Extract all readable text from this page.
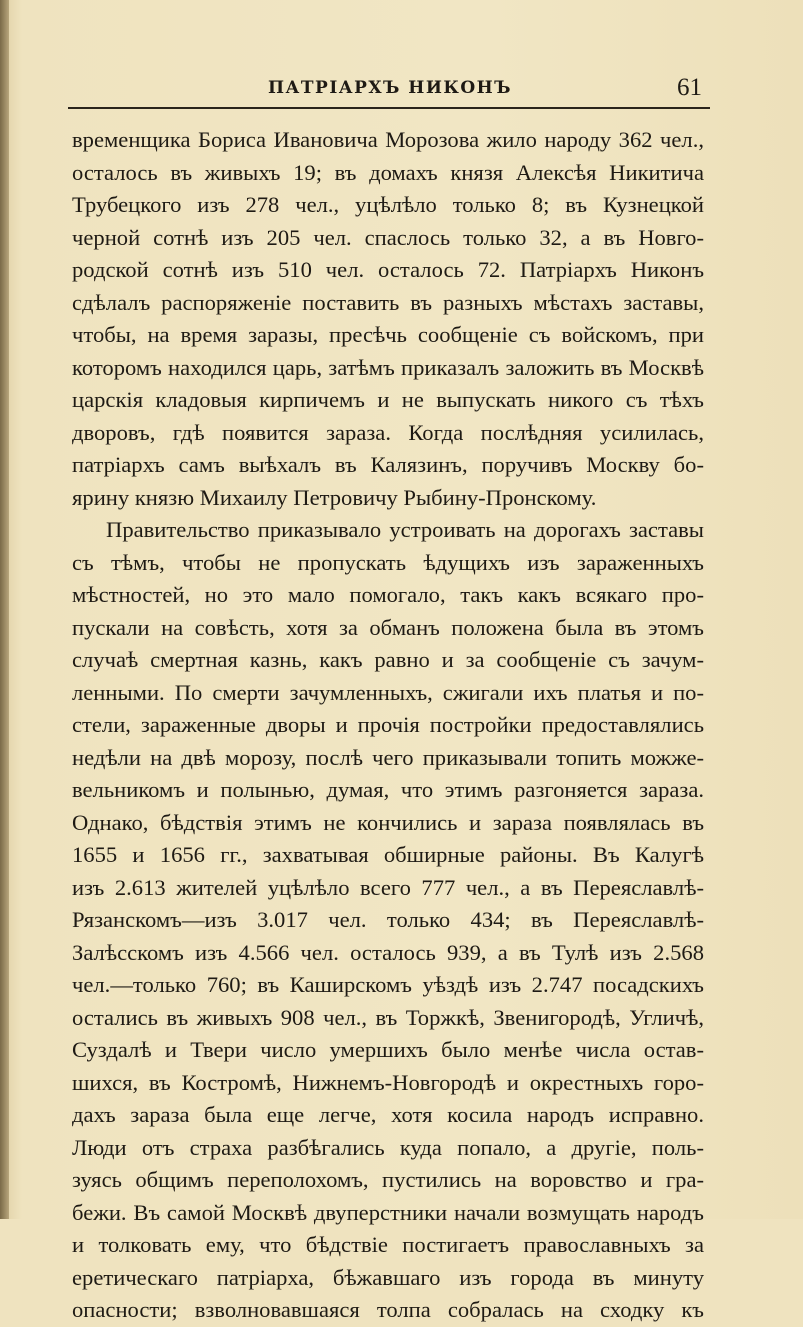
ПАТРІАРХЪ НИКОНЪ	61
временщика Бориса Ивановича Морозова жило народу 362 чел.,
осталось въ живыхъ 19; въ домахъ князя Алексѣя Никитича
Трубецкого изъ 278 чел., уцѣлѣло только 8; въ Кузнецкой
черной сотнѣ изъ 205 чел. спаслось только 32, а въ Новго-
родской сотнѣ изъ 510 чел. осталось 72. Патріархъ Никонъ
сдѣлалъ распоряженіе поставить въ разныхъ мѣстахъ заставы,
чтобы, на время заразы, пресѣчь сообщеніе съ войскомъ, при
которомъ находился царь, затѣмъ приказалъ заложить въ Москвѣ
царскія кладовыя кирпичемъ и не выпускать никого съ тѣхъ
дворовъ, гдѣ появится зараза. Когда послѣдняя усилилась,
патріархъ самъ выѣхалъ въ Калязинъ, поручивъ Москву бо-
ярину князю Михаилу Петровичу Рыбину-Пронскому.
Правительство приказывало устроивать на дорогахъ заставы
съ тѣмъ, чтобы не пропускать ѣдущихъ изъ зараженныхъ
мѣстностей, но это мало помогало, такъ какъ всякаго про-
пускали на совѣсть, хотя за обманъ положена была въ этомъ
случаѣ смертная казнь, какъ равно и за сообщеніе съ зачум-
ленными. По смерти зачумленныхъ, сжигали ихъ платья и по-
стели, зараженные дворы и прочія постройки предоставлялись
недѣли на двѣ морозу, послѣ чего приказывали топить можже-
вельникомъ и полынью, думая, что этимъ разгоняется зараза.
Однако, бѣдствія этимъ не кончились и зараза появлялась въ
1655 и 1656 гг., захватывая обширные районы. Въ Калугѣ
изъ 2.613 жителей уцѣлѣло всего 777 чел., а въ Переяславлѣ-
Рязанскомъ—изъ 3.017 чел. только 434; въ Переяславлѣ-
Залѣсскомъ изъ 4.566 чел. осталось 939, а въ Тулѣ изъ 2.568
чел.—только 760; въ Каширскомъ уѣздѣ изъ 2.747 посадскихъ
остались въ живыхъ 908 чел., въ Торжкѣ, Звенигородѣ, Угличѣ,
Суздалѣ и Твери число умершихъ было менѣе числа остав-
шихся, въ Костромѣ, Нижнемъ-Новгородѣ и окрестныхъ горо-
дахъ зараза была еще легче, хотя косила народъ исправно.
Люди отъ страха разбѣгались куда попало, а другіе, поль-
зуясь общимъ переполохомъ, пустились на воровство и гра-
бежи. Въ самой Москвѣ двуперстники начали возмущать народъ
и толковать ему, что бѣдствіе постигаетъ православныхъ за
еретическаго патріарха, бѣжавшаго изъ города въ минуту
опасности; взволновавшаяся толпа собралась на сходку къ
